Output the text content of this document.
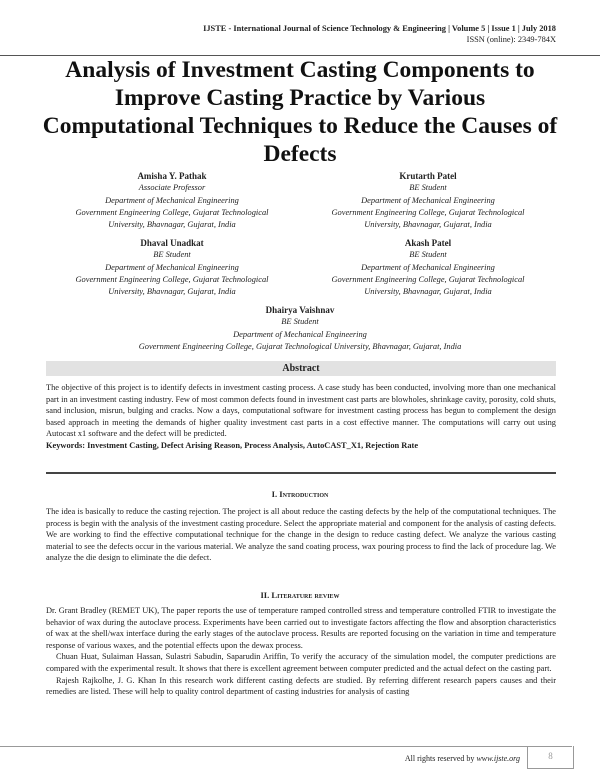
IJSTE - International Journal of Science Technology & Engineering | Volume 5 | Issue 1 | July 2018
ISSN (online): 2349-784X
Analysis of Investment Casting Components to Improve Casting Practice by Various Computational Techniques to Reduce the Causes of Defects
Amisha Y. Pathak
Associate Professor
Department of Mechanical Engineering
Government Engineering College, Gujarat Technological
University, Bhavnagar, Gujarat, India
Krutarth Patel
BE Student
Department of Mechanical Engineering
Government Engineering College, Gujarat Technological
University, Bhavnagar, Gujarat, India
Dhaval Unadkat
BE Student
Department of Mechanical Engineering
Government Engineering College, Gujarat Technological
University, Bhavnagar, Gujarat, India
Akash Patel
BE Student
Department of Mechanical Engineering
Government Engineering College, Gujarat Technological
University, Bhavnagar, Gujarat, India
Dhairya Vaishnav
BE Student
Department of Mechanical Engineering
Government Engineering College, Gujarat Technological University, Bhavnagar, Gujarat, India
Abstract

The objective of this project is to identify defects in investment casting process. A case study has been conducted, involving more than one mechanical part in an investment casting industry. Few of most common defects found in investment cast parts are blowholes, shrinkage cavity, porosity, cold shuts, sand inclusion, misrun, bulging and cracks. Now a days, computational software for investment casting process has begun to complement the design based approach in meeting the demands of higher quality investment cast parts in a cost effective manner. The computations will carry out using Autocast x1 software and the defect will be predicted.

Keywords: Investment Casting, Defect Arising Reason, Process Analysis, AutoCAST_X1, Rejection Rate

I. Introduction

The idea is basically to reduce the casting rejection. The project is all about reduce the casting defects by the help of the computational techniques. The process is begin with the analysis of the investment casting procedure. Select the appropriate material and component for the analysis of casting defects. We are working to find the effective computational technique for the change in the design to reduce casting defect. We analyze the various casting material to see the defects occur in the various material. We analyze the sand coating process, wax pouring process to find the lack of procedure lag. We analyze the die design to eliminate the die defect.

II. Literature review

Dr. Grant Bradley (REMET UK), The paper reports the use of temperature ramped controlled stress and temperature controlled FTIR to investigate the behavior of wax during the autoclave process. Experiments have been carried out to investigate factors affecting the flow and absorption characteristics of wax at the shell/wax interface during the early stages of the autoclave process. Results are reported focusing on the variation in time and temperature response of various waxes, and the potential effects upon the dewax process.

Chuan Huat, Sulaiman Hassan, Sulastri Sabudin, Saparudin Ariffin, To verify the accuracy of the simulation model, the computer predictions are compared with the experimental result. It shows that there is excellent agreement between computer predicted and the actual defect on the casting part.

Rajesh Rajkolhe, J. G. Khan In this research work different casting defects are studied. By referring different research papers causes and their remedies are listed. These will help to quality control department of casting industries for analysis of casting

All rights reserved by www.ijste.org	8
